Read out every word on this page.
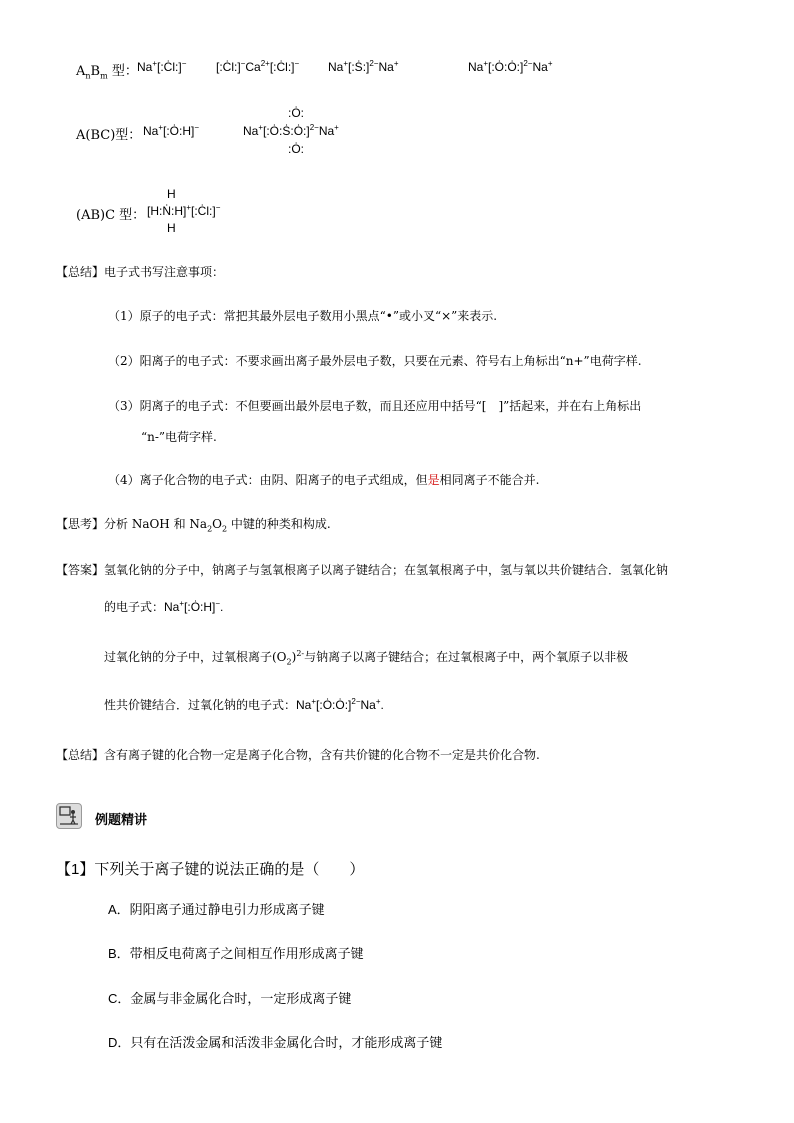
$A_nB_m$ 型： Na+[:Ċl:]− $[:Ċl:]^-Ca^{2+}[:Ċl:]^-$ Na+[:Ṡ:]$^{2-}$Na+	Na+[:Ȯ:Ȯ:]$^{2-}$Na+
A(BC)型： Na+[:Ȯ:H]−
:Ȯ:
Na+[:Ȯ:Ṡ:Ȯ:]$^{2-}$Na+
:Ȯ:
(AB)C 型：
H
[H:Ṅ:H]+[:Ċl:]−
H
【总结】电子式书写注意事项：
（1）原子的电子式：常把其最外层电子数用小黑点“•”或小叉“×”来表示.
（2）阳离子的电子式：不要求画出离子最外层电子数，只要在元素、符号右上角标出“n+”电荷字样.
（3）阴离子的电子式：不但要画出最外层电子数，而且还应用中括号“[　]”括起来，并在右上角标出
“n-”电荷字样.
（4）离子化合物的电子式：由阴、阳离子的电子式组成，但是相同离子不能合并.
【思考】分析 NaOH 和 $Na_2O_2$ 中键的种类和构成.
【答案】氢氧化钠的分子中，钠离子与氢氧根离子以离子键结合；在氢氧根离子中，氢与氧以共价键结合．氢氧化钠
的电子式：Na+[:Ȯ:H]−.
过氧化钠的分子中，过氧根离子$(O_2)^{2-}$与钠离子以离子键结合；在过氧根离子中，两个氧原子以非极
性共价键结合．过氧化钠的电子式：Na+[:Ȯ:Ȯ:]$^{2-}$Na+.
【总结】含有离子键的化合物一定是离子化合物，含有共价键的化合物不一定是共价化合物.
例题精讲
【1】下列关于离子键的说法正确的是（　　）
A．阴阳离子通过静电引力形成离子键
B．带相反电荷离子之间相互作用形成离子键
C．金属与非金属化合时，一定形成离子键
D．只有在活泼金属和活泼非金属化合时，才能形成离子键
